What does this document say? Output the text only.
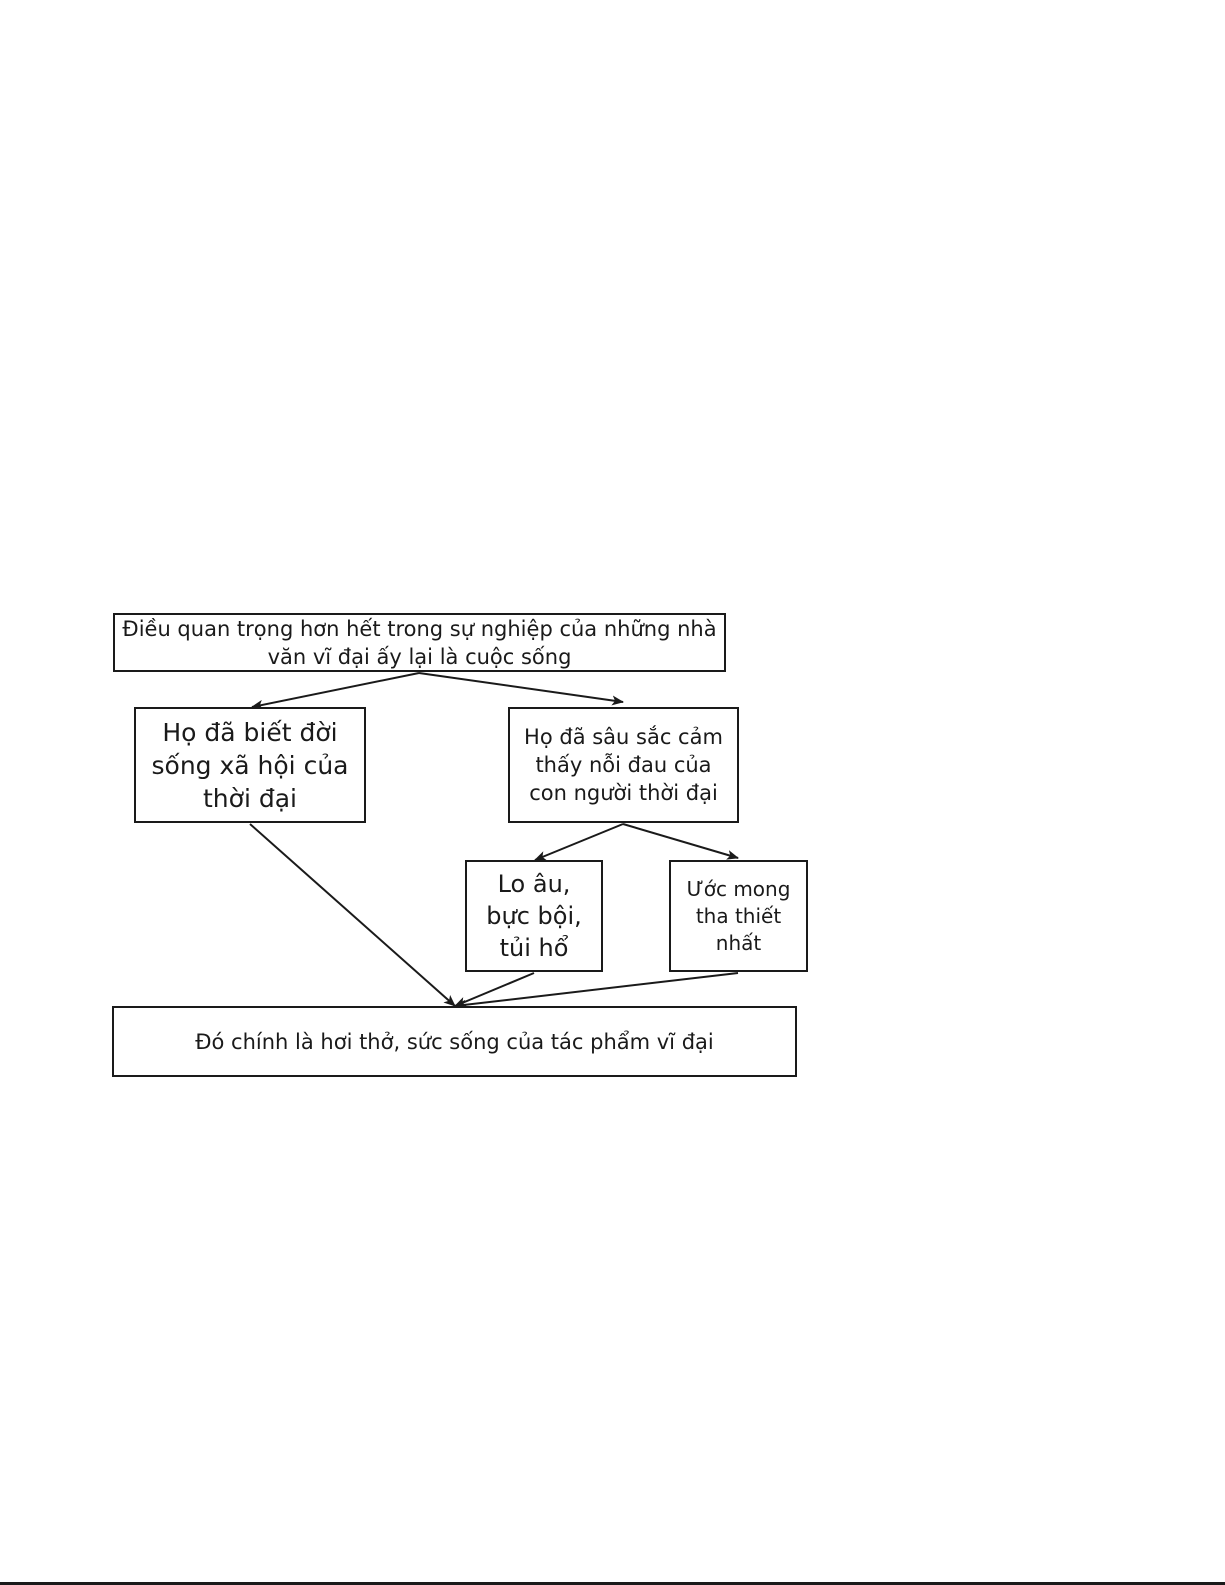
Điều quan trọng hơn hết trong sự nghiệp của những nhà văn vĩ đại ấy lại là cuộc sống
Họ đã biết đời sống xã hội của thời đại
Họ đã sâu sắc cảm thấy nỗi đau của con người thời đại
Lo âu, bực bội, tủi hổ
Ước mong tha thiết nhất
Đó chính là hơi thở, sức sống của tác phẩm vĩ đại
